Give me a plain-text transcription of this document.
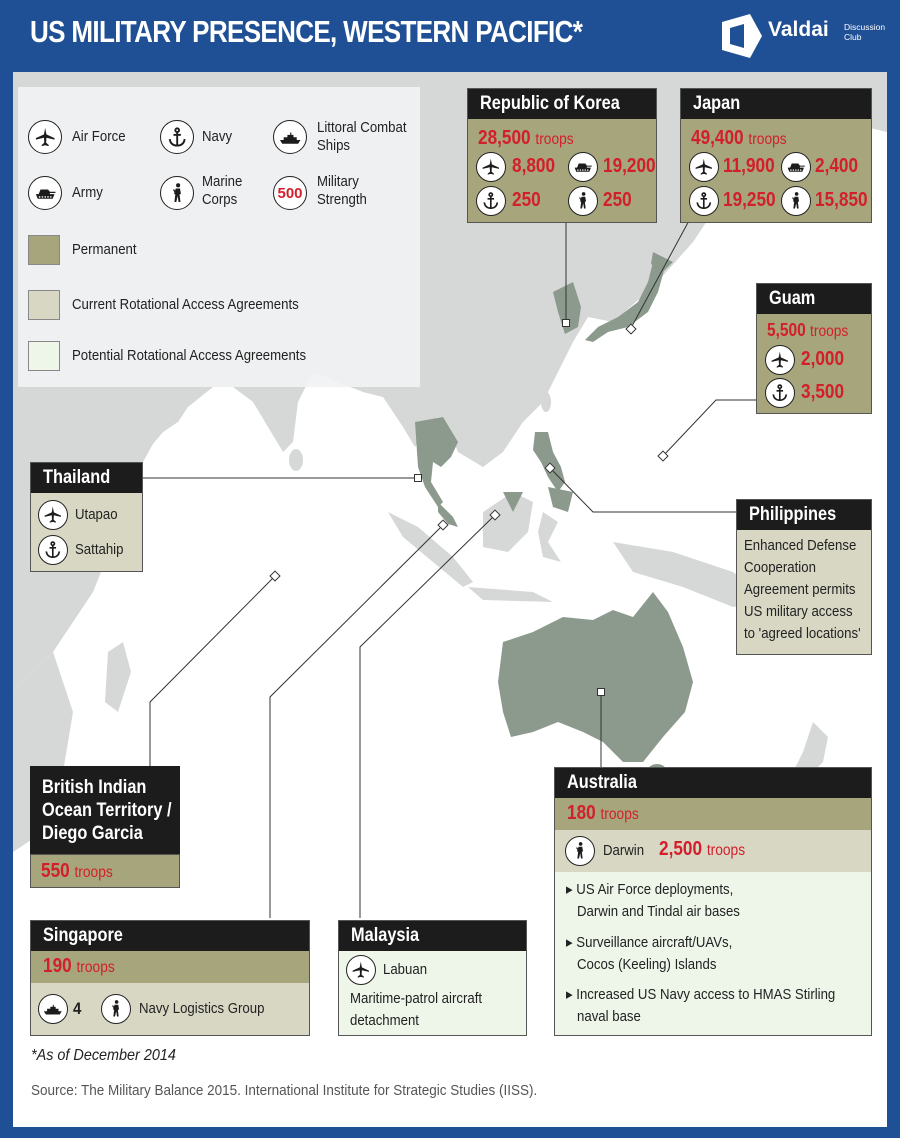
US MILITARY PRESENCE, WESTERN PACIFIC*	Valdai Discussion
Club
Air Force	Navy
Littoral Combat
Ships
Army
Marine
Corps	500
Military
Strength
Permanent
Current Rotational Access Agreements
Potential Rotational Access Agreements
Republic of Korea
28,500 troops
8,800 19,200
250	250
Japan
49,400 troops
11,900 2,400
19,250 15,850
Guam
5,500 troops
2,000
3,500
Thailand
Utapao
Sattahip
Philippines
Enhanced Defense
Cooperation
Agreement permits
US military access
to 'agreed locations'
British Indian
Ocean Territory /
Diego Garcia
550 troops
Singapore
190 troops
4	Navy Logistics Group
Malaysia
Labuan
Maritime-patrol aircraft
detachment
Australia
180 troops
Darwin 2,500 troops
▸ US Air Force deployments,
Darwin and Tindal air bases
▸ Surveillance aircraft/UAVs,
Cocos (Keeling) Islands
▸ Increased US Navy access to HMAS Stirling
naval base
*As of December 2014
Source: The Military Balance 2015. International Institute for Strategic Studies (IISS).
